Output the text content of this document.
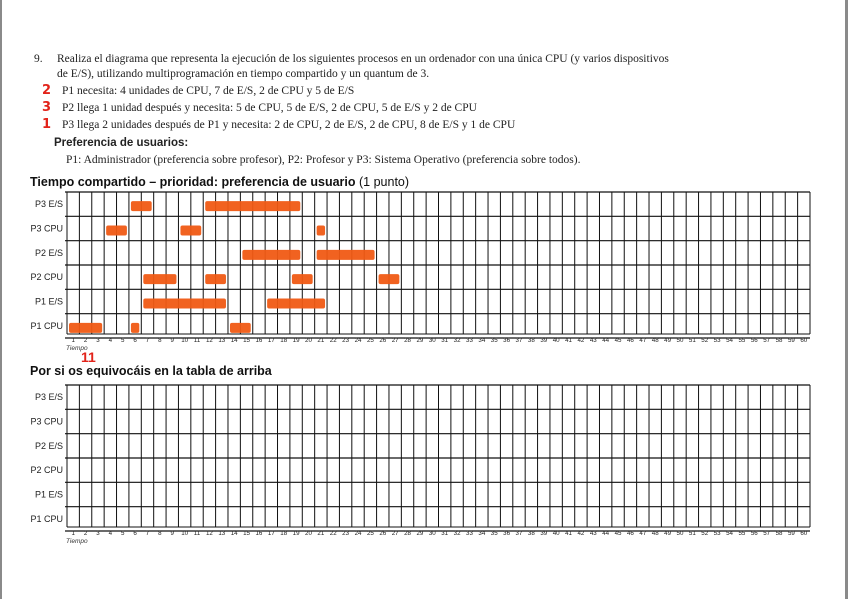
9. Realiza el diagrama que representa la ejecución de los siguientes procesos en un ordenador con una única CPU (y varios dispositivos
de E/S), utilizando multiprogramación en tiempo compartido y un quantum de 3.
2 P1 necesita: 4 unidades de CPU, 7 de E/S, 2 de CPU y 5 de E/S
3 P2 llega 1 unidad después y necesita: 5 de CPU, 5 de E/S, 2 de CPU, 5 de E/S y 2 de CPU
1 P3 llega 2 unidades después de P1 y necesita: 2 de CPU, 2 de E/S, 2 de CPU, 8 de E/S y 1 de CPU
Preferencia de usuarios:
P1: Administrador (preferencia sobre profesor), P2: Profesor y P3: Sistema Operativo (preferencia sobre todos).
Tiempo compartido – prioridad: preferencia de usuario (1 punto)
Por si os equivocáis en la tabla de arriba
P3 E/S
P3 CPU
P2 E/S
P2 CPU
P1 E/S
P1 CPU
1 2 3 4 5 6 7 8 9 10 11 12 13 14 15 16 17 18 19 20 21 22 23 24 25 26 27 28 29 30 31 32 33 34 35 36 37 38 39 40 41 42 43 44 45 46 47 48 49 50 51 52 53 54 55 56 57 58 59 60
Tiempo
P3 E/S
P3 CPU
P2 E/S
P2 CPU
P1 E/S
P1 CPU
1 2 3 4 5 6 7 8 9 10 11 12 13 14 15 16 17 18 19 20 21 22 23 24 25 26 27 28 29 30 31 32 33 34 35 36 37 38 39 40 41 42 43 44 45 46 47 48 49 50 51 52 53 54 55 56 57 58 59 60
Tiempo
11
